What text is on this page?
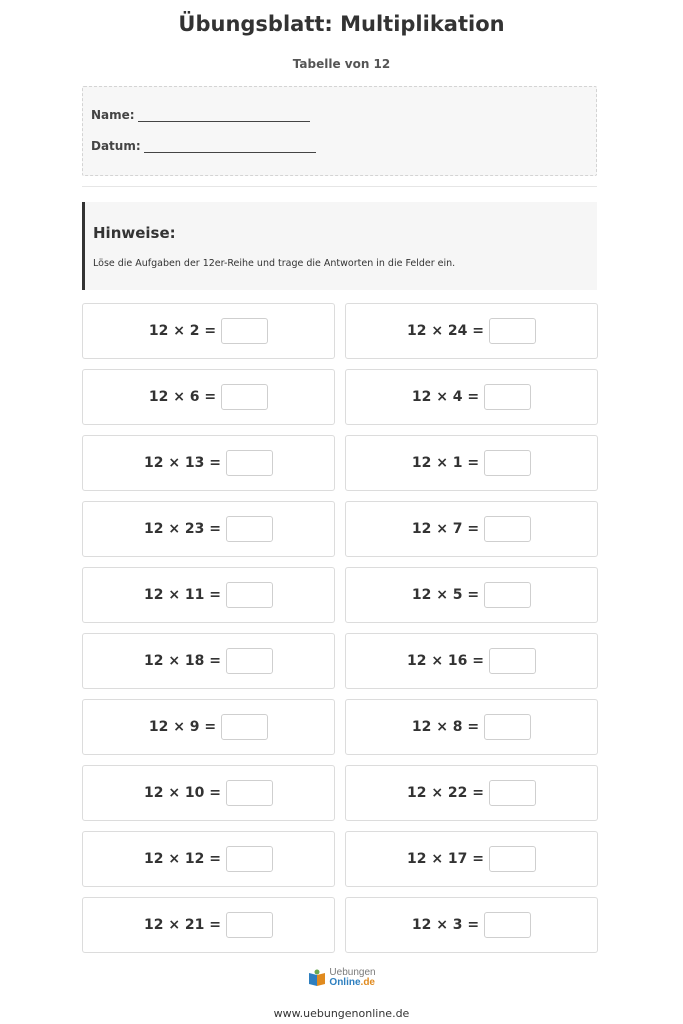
Übungsblatt: Multiplikation
Tabelle von 12
Name:
Datum:
Hinweise:
Löse die Aufgaben der 12er-Reihe und trage die Antworten in die Felder ein.
12 × 2 =	12 × 24 =
12 × 6 =	12 × 4 =
12 × 13 =	12 × 1 =
12 × 23 =	12 × 7 =
12 × 11 =	12 × 5 =
12 × 18 =	12 × 16 =
12 × 9 =	12 × 8 =
12 × 10 =	12 × 22 =
12 × 12 =	12 × 17 =
12 × 21 =	12 × 3 =
Uebungen
Online.de
www.uebungenonline.de
